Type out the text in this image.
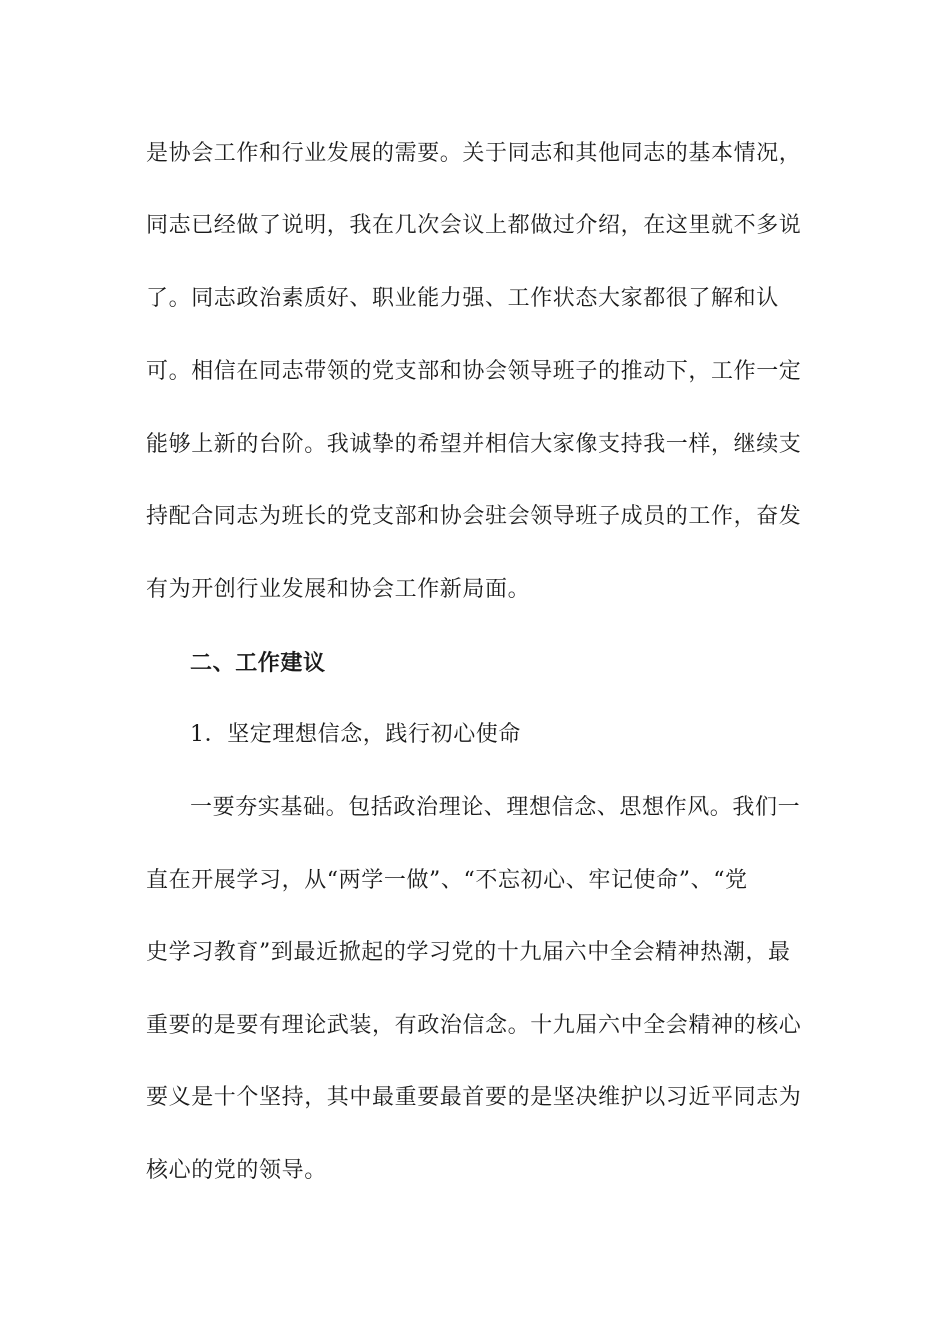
是协会工作和行业发展的需要。关于同志和其他同志的基本情况，
同志已经做了说明，我在几次会议上都做过介绍，在这里就不多说
了。同志政治素质好、职业能力强、工作状态大家都很了解和认
可。相信在同志带领的党支部和协会领导班子的推动下，工作一定
能够上新的台阶。我诚挚的希望并相信大家像支持我一样，继续支
持配合同志为班长的党支部和协会驻会领导班子成员的工作，奋发
有为开创行业发展和协会工作新局面。
二、工作建议
1．坚定理想信念，践行初心使命
一要夯实基础。包括政治理论、理想信念、思想作风。我们一
直在开展学习，从“两学一做”、“不忘初心、牢记使命”、“党
史学习教育”到最近掀起的学习党的十九届六中全会精神热潮，最
重要的是要有理论武装，有政治信念。十九届六中全会精神的核心
要义是十个坚持，其中最重要最首要的是坚决维护以习近平同志为
核心的党的领导。
